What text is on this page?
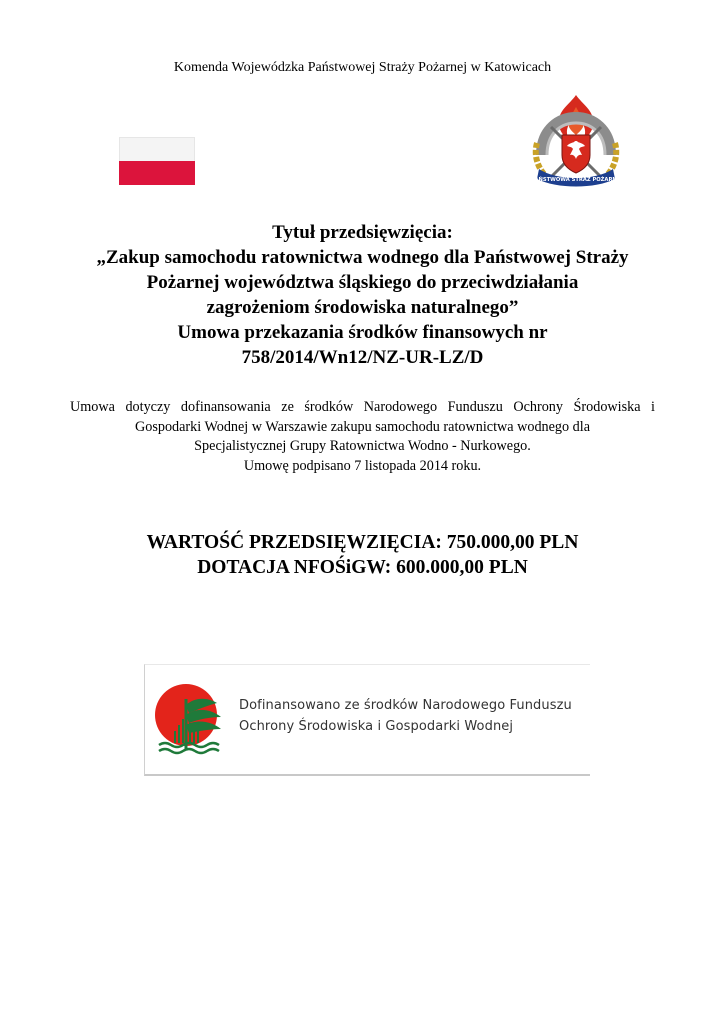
Komenda Wojewódzka Państwowej Straży Pożarnej w Katowicach
PAŃSTWOWA STRAŻ POŻARNA
Tytuł przedsięwzięcia:
„Zakup samochodu ratownictwa wodnego dla Państwowej Straży
Pożarnej województwa śląskiego do przeciwdziałania
zagrożeniom środowiska naturalnego”
Umowa przekazania środków finansowych nr
758/2014/Wn12/NZ-UR-LZ/D
Umowa dotyczy dofinansowania ze środków Narodowego Funduszu Ochrony Środowiska i
Gospodarki Wodnej w Warszawie zakupu samochodu ratownictwa wodnego dla
Specjalistycznej Grupy Ratownictwa Wodno - Nurkowego.
Umowę podpisano 7 listopada 2014 roku.
WARTOŚĆ PRZEDSIĘWZIĘCIA: 750.000,00 PLN
DOTACJA NFOŚiGW: 600.000,00 PLN
Dofinansowano ze środków Narodowego Funduszu
Ochrony Środowiska i Gospodarki Wodnej
